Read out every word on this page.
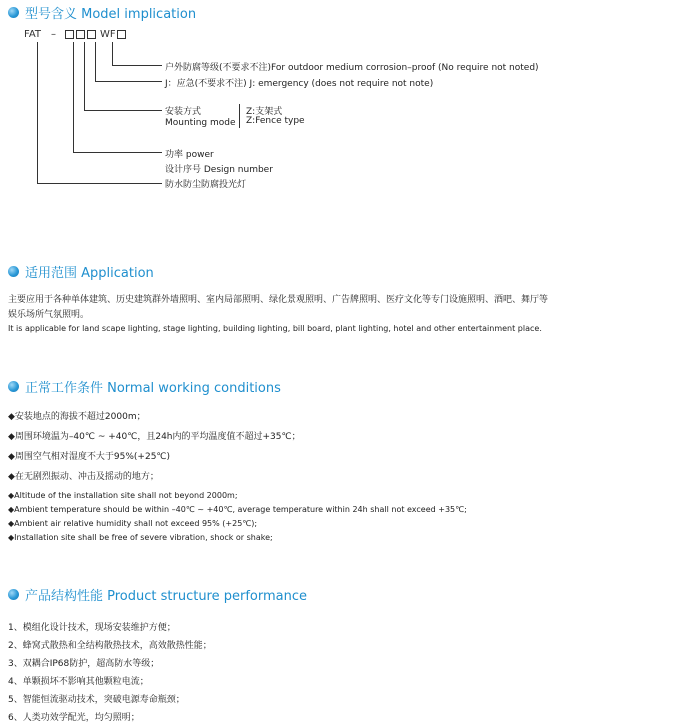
型号含义 Model implication
FAT –	WF
户外防腐等级(不要求不注)For outdoor medium corrosion–proof (No require not noted)
J：应急(不要求不注) J: emergency (does not require not note)
安装方式
Mounting mode
Z:支架式
Z:Fence type
功率 power
设计序号 Design number
防水防尘防腐投光灯
适用范围 Application
主要应用于各种单体建筑、历史建筑群外墙照明、室内局部照明、绿化景观照明、广告牌照明、医疗文化等专门设施照明、酒吧、舞厅等
娱乐场所气氛照明。
It is applicable for land scape lighting, stage lighting, building lighting, bill board, plant lighting, hotel and other entertainment place.
正常工作条件 Normal working conditions
◆安装地点的海拔不超过2000m；
◆周围环境温为–40℃ ~ +40℃，且24h内的平均温度值不超过+35℃；
◆周围空气相对湿度不大于95%(+25℃)
◆在无剧烈振动、冲击及摇动的地方；
◆Altitude of the installation site shall not beyond 2000m;
◆Ambient temperature should be within –40℃ ~ +40℃, average temperature within 24h shall not exceed +35℃;
◆Ambient air relative humidity shall not exceed 95% (+25℃);
◆Installation site shall be free of severe vibration, shock or shake;
产品结构性能 Product structure performance
1、模组化设计技术，现场安装维护方便；
2、蜂窝式散热和全结构散热技术，高效散热性能；
3、双耦合IP68防护，超高防水等级；
4、单颗损坏不影响其他颗粒电流；
5、智能恒流驱动技术，突破电源寿命瓶颈；
6、人类功效学配光，均匀照明；
